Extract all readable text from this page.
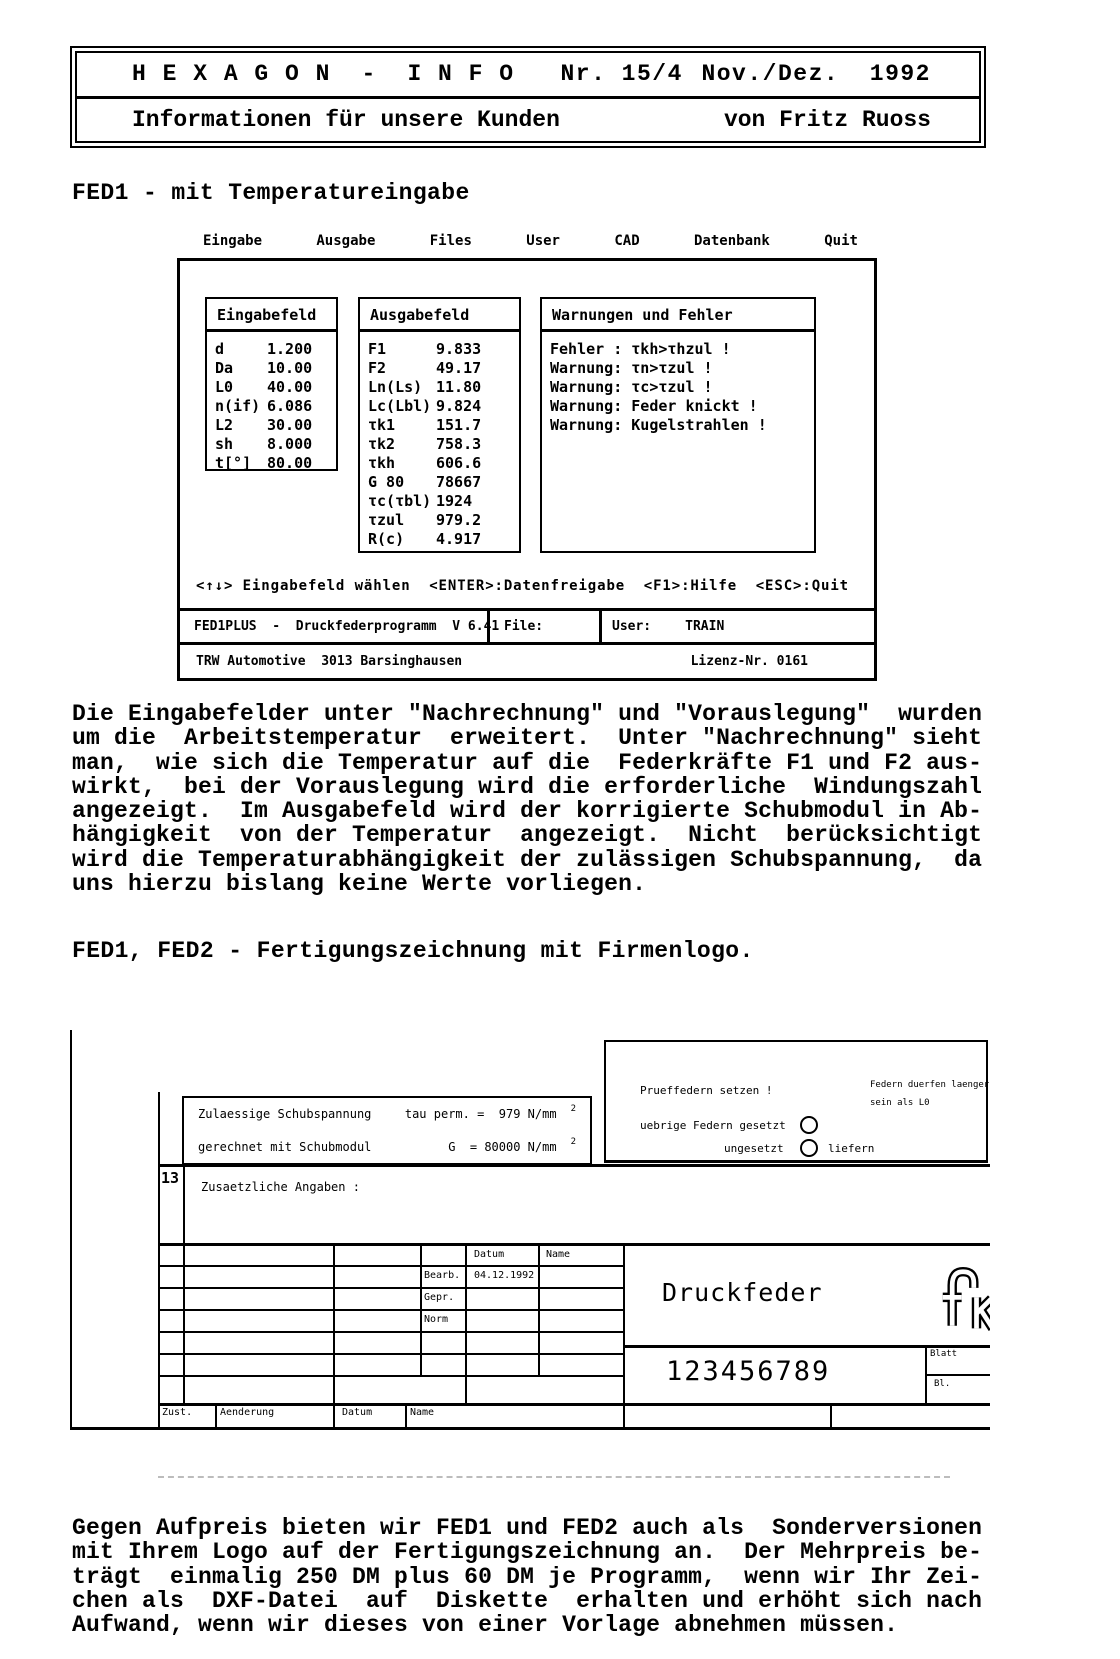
H E X A G O N  -  I N F O   Nr. 15/4 Nov./Dez.  1992
Informationen für unsere Kunden	von Fritz Ruoss
FED1 - mit Temperatureingabe
Eingabe	Ausgabe	Files	User	CAD	Datenbank	Quit
Eingabefeld
d	1.200
Da	10.00
L0	40.00
n(if) 6.086
L2	30.00
sh	8.000
t[°]	80.00
Ausgabefeld
F1	9.833
F2	49.17
Ln(Ls) 11.80
Lc(Lbl) 9.824
τk1	151.7
τk2	758.3
τkh	606.6
G 80	78667
τc(τbl) 1924
τzul	979.2
R(c)	4.917
Warnungen und Fehler
Fehler : τkh>τhzul !
Warnung: τn>τzul !
Warnung: τc>τzul !
Warnung: Feder knickt !
Warnung: Kugelstrahlen !
<↑↓> Eingabefeld wählen  <ENTER>:Datenfreigabe  <F1>:Hilfe  <ESC>:Quit
FED1PLUS  -  Druckfederprogramm  V 6.41 File:	User:	TRAIN
TRW Automotive  3013 Barsinghausen	Lizenz-Nr. 0161
Die Eingabefelder unter "Nachrechnung" und "Vorauslegung"  wurden
um die  Arbeitstemperatur  erweitert.  Unter "Nachrechnung" sieht
man,  wie sich die Temperatur auf die  Federkräfte F1 und F2 aus-
wirkt,  bei der Vorauslegung wird die erforderliche  Windungszahl
angezeigt.  Im Ausgabefeld wird der korrigierte Schubmodul in Ab-
hängigkeit  von der Temperatur  angezeigt.  Nicht  berücksichtigt
wird die Temperaturabhängigkeit der zulässigen Schubspannung,  da
uns hierzu bislang keine Werte vorliegen.
FED1, FED2 - Fertigungszeichnung mit Firmenlogo.
Zulaessige Schubspannung	tau perm. =  979 N/mm 2
gerechnet mit Schubmodul	G  = 80000 N/mm 2
Prueffedern setzen !	Federn duerfen laenger
sein als L0
uebrige Federn gesetzt
ungesetzt	liefern
13 Zusaetzliche Angaben :
Datum	Name
Bearb. 04.12.1992
Gepr.
Norm
Druckfeder
123456789
Blatt
Bl.
Zust.	Aenderung	Datum	Name
Gegen Aufpreis bieten wir FED1 und FED2 auch als  Sonderversionen
mit Ihrem Logo auf der Fertigungszeichnung an.  Der Mehrpreis be-
trägt  einmalig 250 DM plus 60 DM je Programm,  wenn wir Ihr Zei-
chen als  DXF-Datei  auf  Diskette  erhalten und erhöht sich nach
Aufwand, wenn wir dieses von einer Vorlage abnehmen müssen.
